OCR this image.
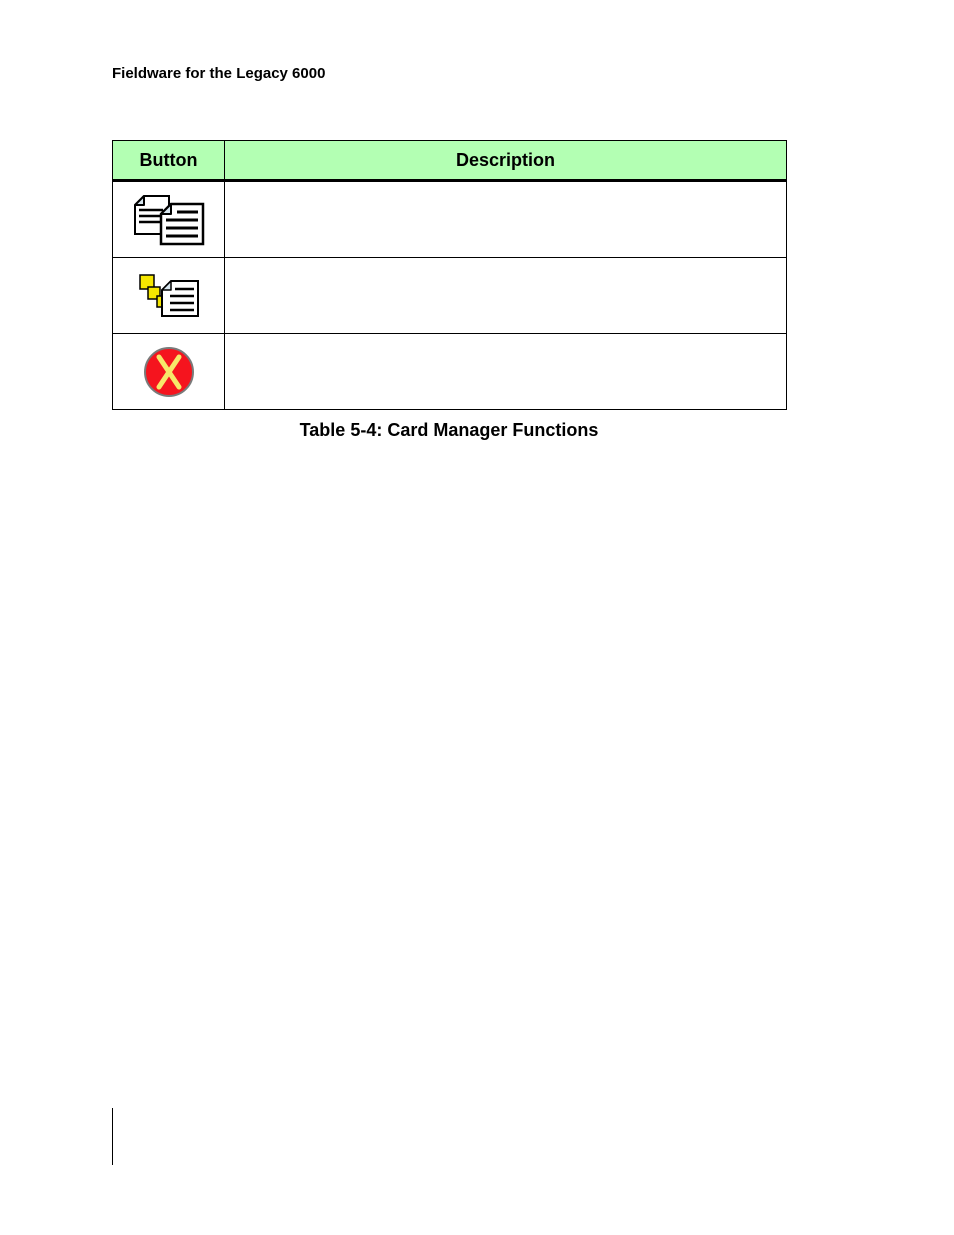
Fieldware for the Legacy 6000
Button	Description

Table 5-4: Card Manager Functions
